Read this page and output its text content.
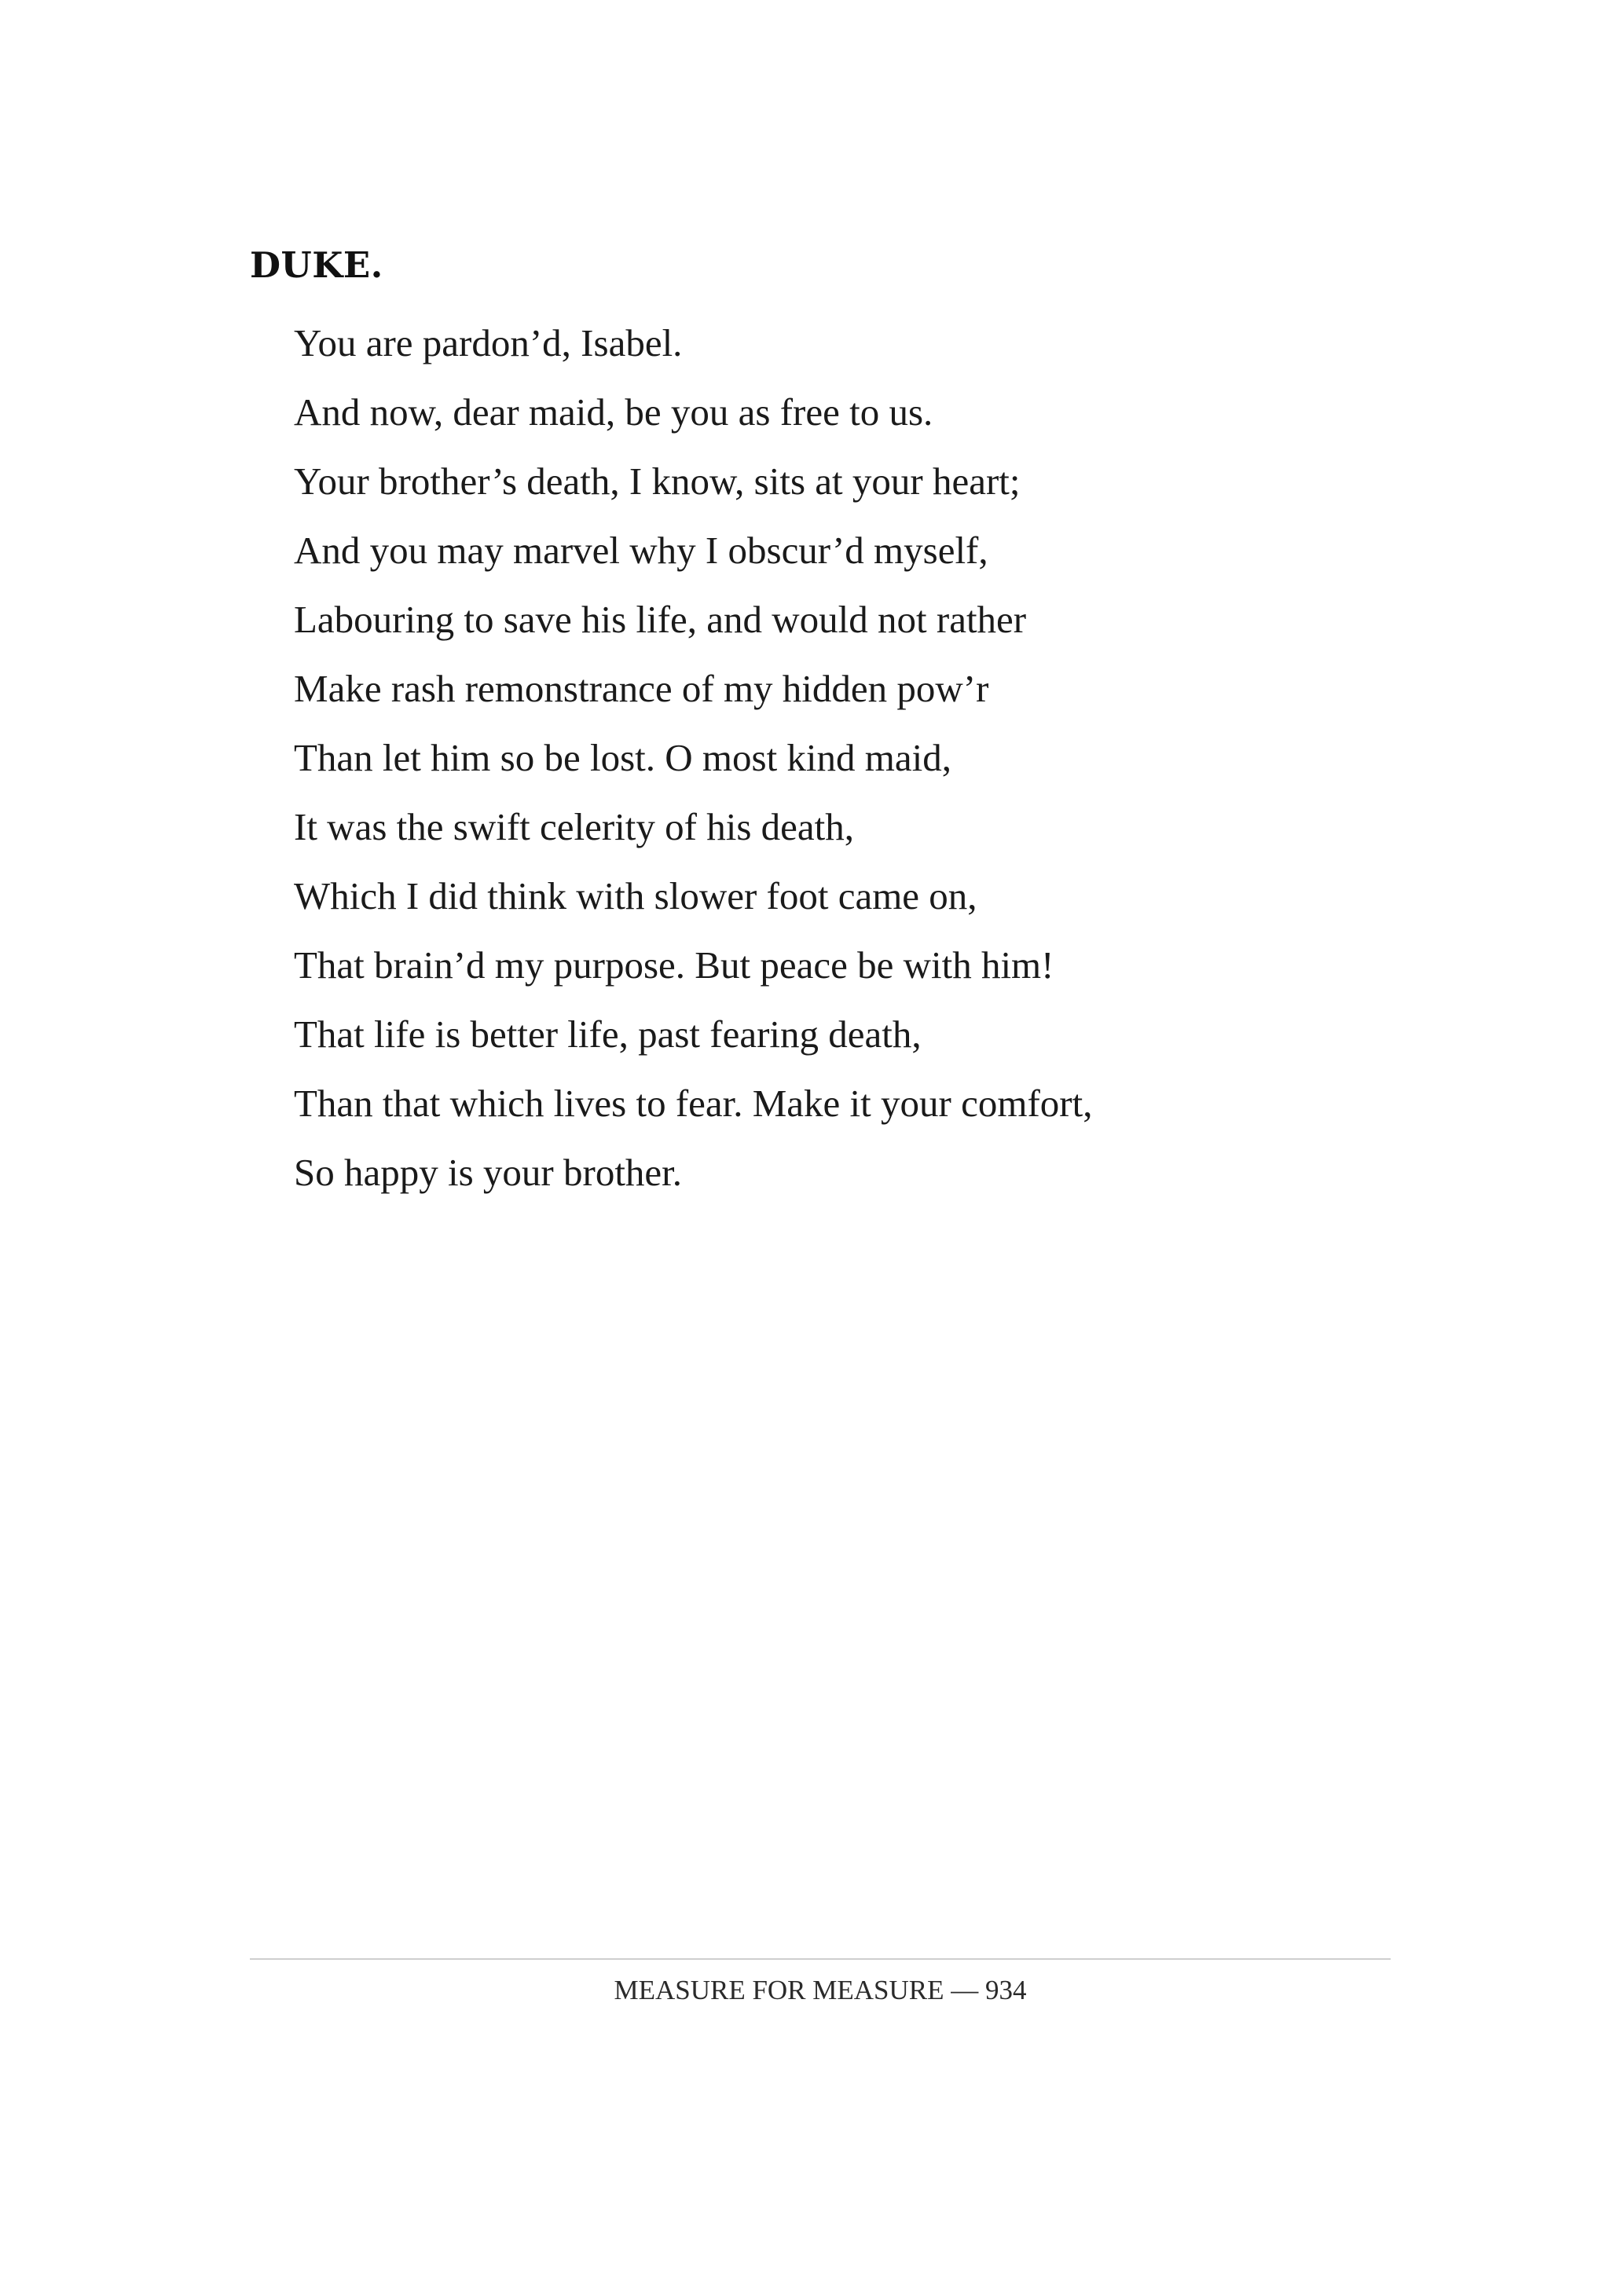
DUKE.
You are pardon’d, Isabel.
And now, dear maid, be you as free to us.
Your brother’s death, I know, sits at your heart;
And you may marvel why I obscur’d myself,
Labouring to save his life, and would not rather
Make rash remonstrance of my hidden pow’r
Than let him so be lost. O most kind maid,
It was the swift celerity of his death,
Which I did think with slower foot came on,
That brain’d my purpose. But peace be with him!
That life is better life, past fearing death,
Than that which lives to fear. Make it your comfort,
So happy is your brother.
MEASURE FOR MEASURE — 934
